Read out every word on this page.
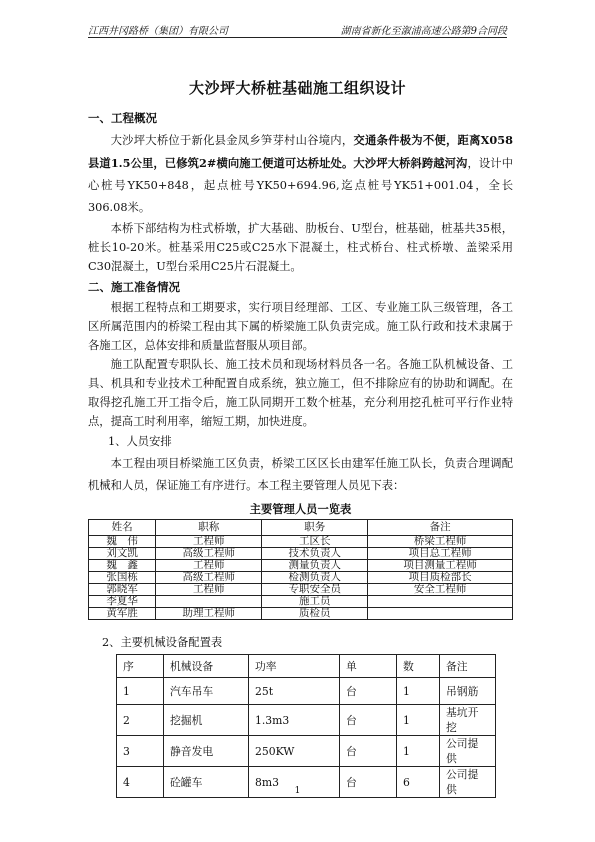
江西井冈路桥（集团）有限公司	湖南省新化至溆浦高速公路第9合同段
大沙坪大桥桩基础施工组织设计
一、工程概况

大沙坪大桥位于新化县金凤乡笋芽村山谷境内，交通条件极为不便，距离X058县道1.5公里，已修筑2#横向施工便道可达桥址处。大沙坪大桥斜跨越河沟，设计中心桩号YK50+848，起点桩号YK50+694.96,迄点桩号YK51+001.04，全长306.08米。

本桥下部结构为柱式桥墩，扩大基础、肋板台、U型台，桩基础，桩基共35根，桩长10-20米。桩基采用C25或C25水下混凝土，柱式桥台、柱式桥墩、盖梁采用C30混凝土，U型台采用C25片石混凝土。

二、施工准备情况

根据工程特点和工期要求，实行项目经理部、工区、专业施工队三级管理，各工区所属范围内的桥梁工程由其下属的桥梁施工队负责完成。施工队行政和技术隶属于各施工区，总体安排和质量监督服从项目部。

施工队配置专职队长、施工技术员和现场材料员各一名。各施工队机械设备、工具、机具和专业技术工种配置自成系统，独立施工，但不排除应有的协助和调配。在取得挖孔施工开工指令后，施工队同期开工数个桩基，充分利用挖孔桩可平行作业特点，提高工时利用率，缩短工期，加快进度。

1、人员安排

本工程由项目桥梁施工区负责，桥梁工区区长由建军任施工队长，负责合理调配机械和人员，保证施工有序进行。本工程主要管理人员见下表：

主要管理人员一览表
姓名	职称	职务	备注
魏　伟	工程师	工区长	桥梁工程师
刘文凯	高级工程师	技术负责人	项目总工程师
魏　鑫	工程师	测量负责人	项目测量工程师
张国栋	高级工程师	检测负责人	项目质检部长
郭晓军	工程师	专职安全员	安全工程师
李夏华		施工员	
黄军胜	助理工程师	质检员	
2、主要机械设备配置表
序	机械设备	功率	单	数	备注
1	汽车吊车	25t	台	1	吊钢筋
2	挖掘机	1.3m3	台	1	基坑开挖
3	静音发电	250KW	台	1	公司提供
4	砼罐车	8m3	台	6	公司提供
1
